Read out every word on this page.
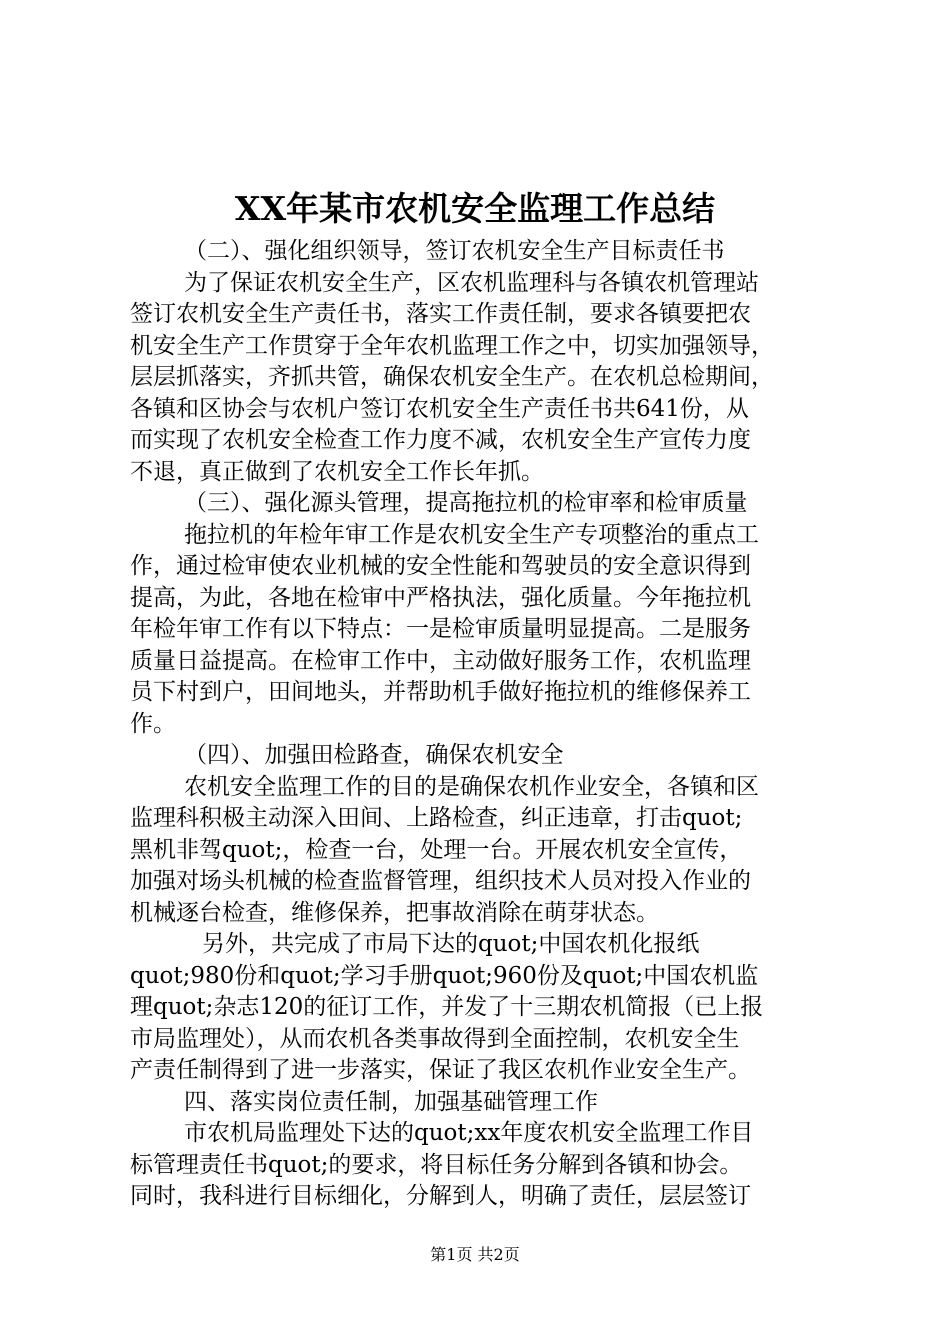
XX年某市农机安全监理工作总结
（二）、强化组织领导，签订农机安全生产目标责任书
为了保证农机安全生产，区农机监理科与各镇农机管理站
签订农机安全生产责任书，落实工作责任制，要求各镇要把农
机安全生产工作贯穿于全年农机监理工作之中，切实加强领导，
层层抓落实，齐抓共管，确保农机安全生产。在农机总检期间，
各镇和区协会与农机户签订农机安全生产责任书共641份，从
而实现了农机安全检查工作力度不减，农机安全生产宣传力度
不退，真正做到了农机安全工作长年抓。
（三）、强化源头管理，提高拖拉机的检审率和检审质量
拖拉机的年检年审工作是农机安全生产专项整治的重点工
作，通过检审使农业机械的安全性能和驾驶员的安全意识得到
提高，为此，各地在检审中严格执法，强化质量。今年拖拉机
年检年审工作有以下特点：一是检审质量明显提高。二是服务
质量日益提高。在检审工作中，主动做好服务工作，农机监理
员下村到户，田间地头，并帮助机手做好拖拉机的维修保养工
作。
（四）、加强田检路查，确保农机安全
农机安全监理工作的目的是确保农机作业安全，各镇和区
监理科积极主动深入田间、上路检查，纠正违章，打击quot;
黑机非驾quot;，检查一台，处理一台。开展农机安全宣传，
加强对场头机械的检查监督管理，组织技术人员对投入作业的
机械逐台检查，维修保养，把事故消除在萌芽状态。
另外，共完成了市局下达的quot;中国农机化报纸
quot;980份和quot;学习手册quot;960份及quot;中国农机监
理quot;杂志120的征订工作，并发了十三期农机简报（已上报
市局监理处），从而农机各类事故得到全面控制，农机安全生
产责任制得到了进一步落实，保证了我区农机作业安全生产。
四、落实岗位责任制，加强基础管理工作
市农机局监理处下达的quot;xx年度农机安全监理工作目
标管理责任书quot;的要求，将目标任务分解到各镇和协会。
同时，我科进行目标细化，分解到人，明确了责任，层层签订
第1页 共2页
